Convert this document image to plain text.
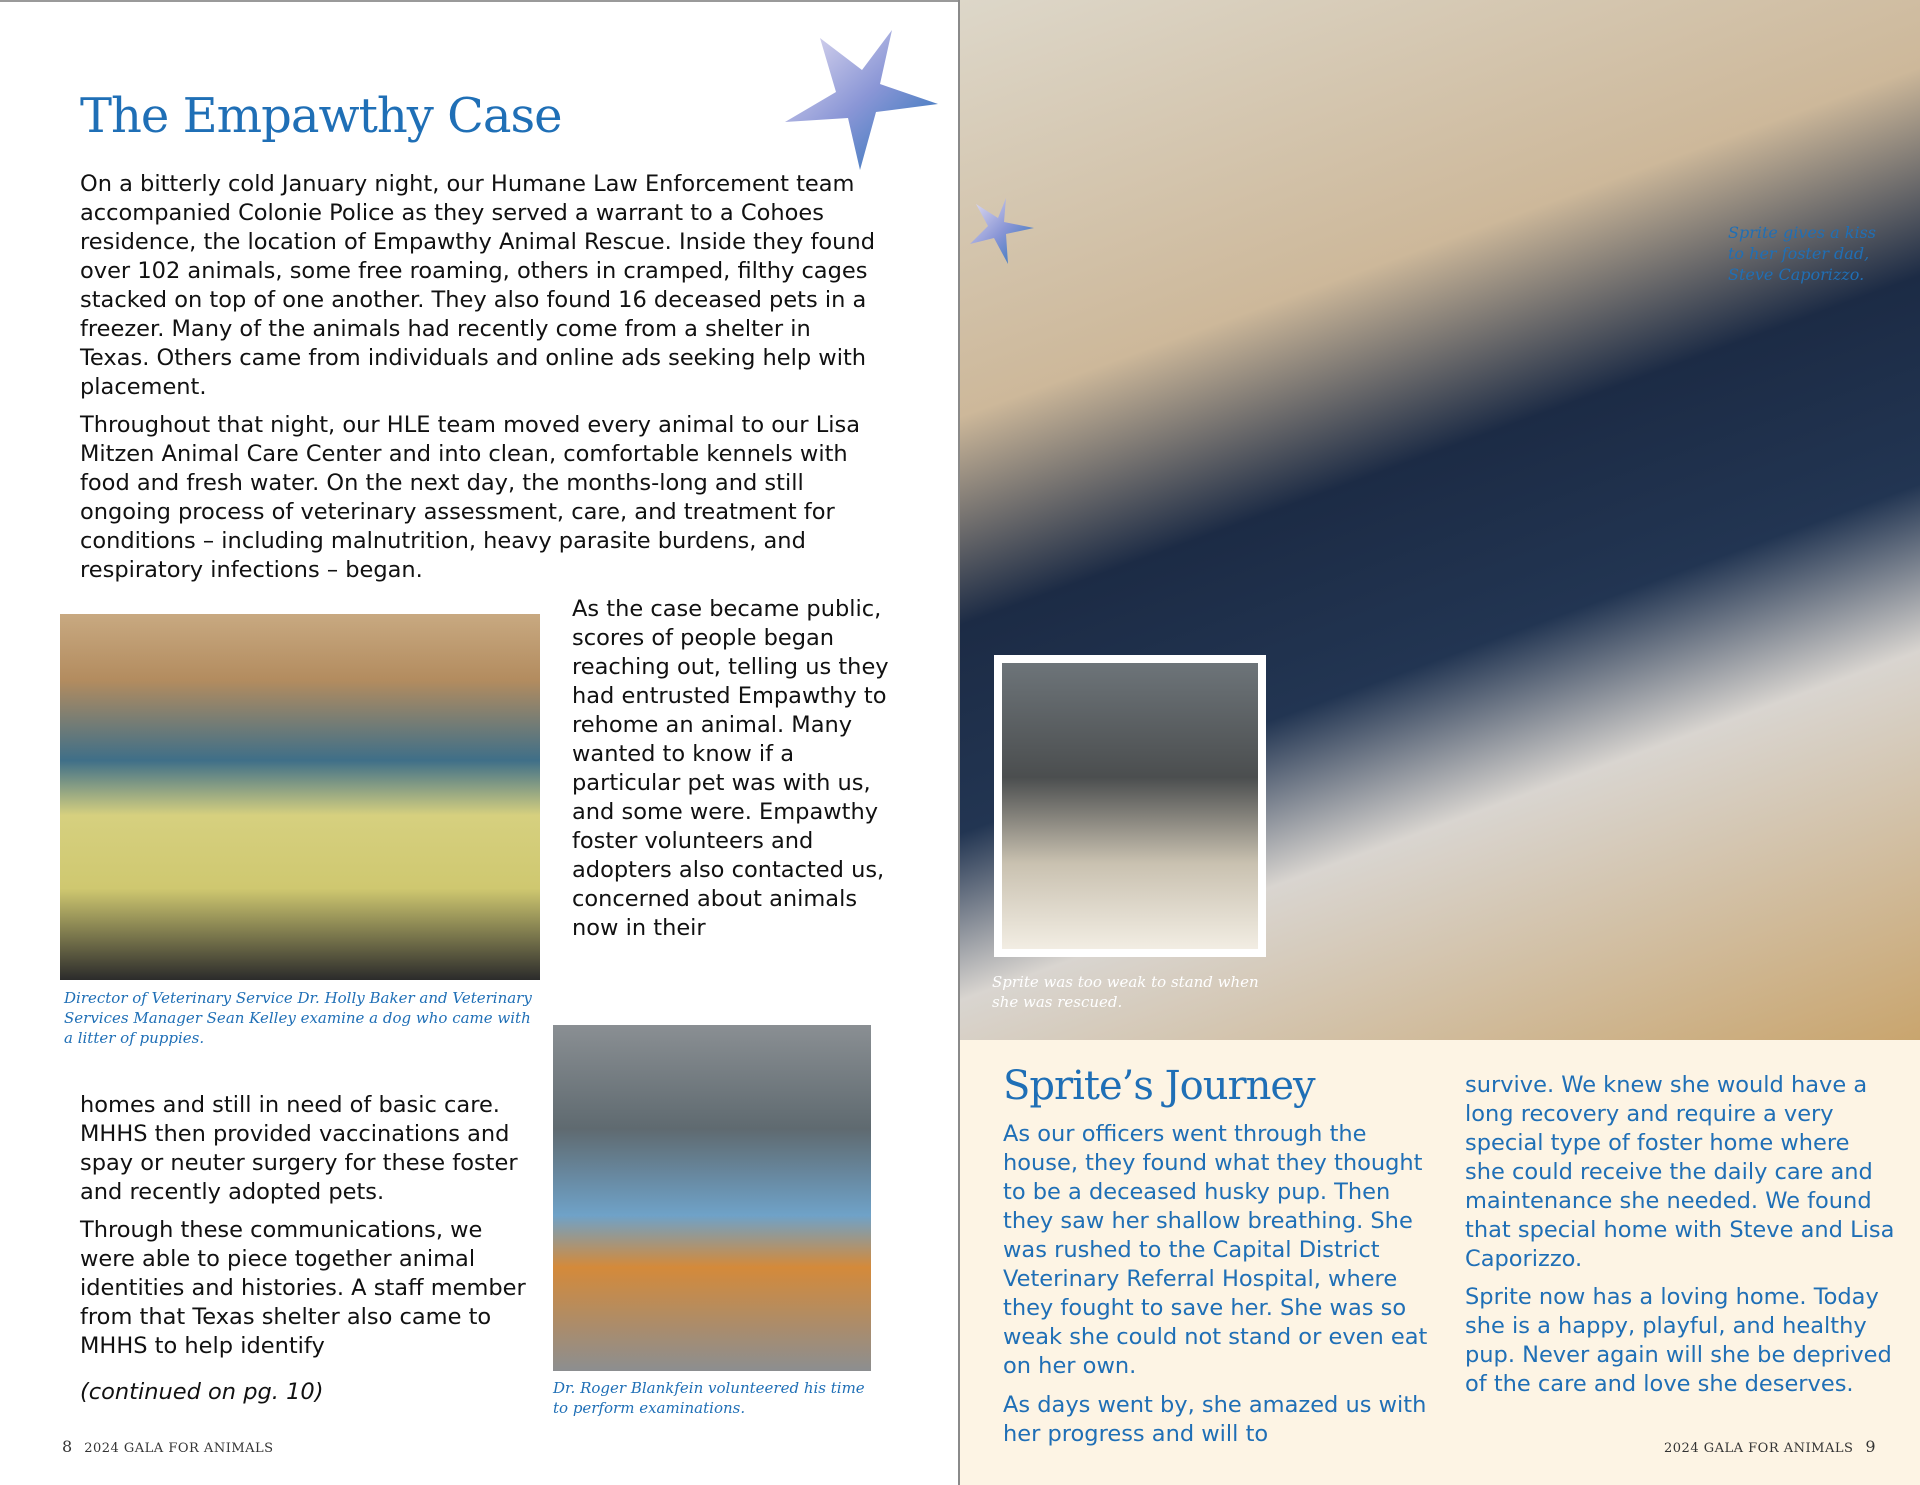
The Empawthy Case

On a bitterly cold January night, our Humane Law Enforcement team accompanied Colonie Police as they served a warrant to a Cohoes residence, the location of Empawthy Animal Rescue. Inside they found over 102 animals, some free roaming, others in cramped, filthy cages stacked on top of one another. They also found 16 deceased pets in a freezer. Many of the animals had recently come from a shelter in Texas. Others came from individuals and online ads seeking help with placement.

Throughout that night, our HLE team moved every animal to our Lisa Mitzen Animal Care Center and into clean, comfortable kennels with food and fresh water. On the next day, the months-long and still ongoing process of veterinary assessment, care, and treatment for conditions – including malnutrition, heavy parasite burdens, and respiratory infections – began.

Director of Veterinary Service Dr. Holly Baker and Veterinary Services Manager Sean Kelley examine a dog who came with a litter of puppies.

As the case became public, scores of people began reaching out, telling us they had entrusted Empawthy to rehome an animal. Many wanted to know if a particular pet was with us, and some were. Empawthy foster volunteers and adopters also contacted us, concerned about animals now in their

homes and still in need of basic care. MHHS then provided vaccinations and spay or neuter surgery for these foster and recently adopted pets.

Through these communications, we were able to piece together animal identities and histories. A staff member from that Texas shelter also came to MHHS to help identify

(continued on pg. 10)	Dr. Roger Blankfein volunteered his time to perform examinations.

8 2024 GALA FOR ANIMALS

Sprite gives a kiss to her foster dad, Steve Caporizzo.

Sprite was too weak to stand when she was rescued.

Sprite’s Journey

As our officers went through the house, they found what they thought to be a deceased husky pup. Then they saw her shallow breathing. She was rushed to the Capital District Veterinary Referral Hospital, where they fought to save her. She was so weak she could not stand or even eat on her own.

As days went by, she amazed us with her progress and will to

survive. We knew she would have a long recovery and require a very special type of foster home where she could receive the daily care and maintenance she needed. We found that special home with Steve and Lisa Caporizzo.

Sprite now has a loving home. Today she is a happy, playful, and healthy pup. Never again will she be deprived of the care and love she deserves.

2024 GALA FOR ANIMALS 9
